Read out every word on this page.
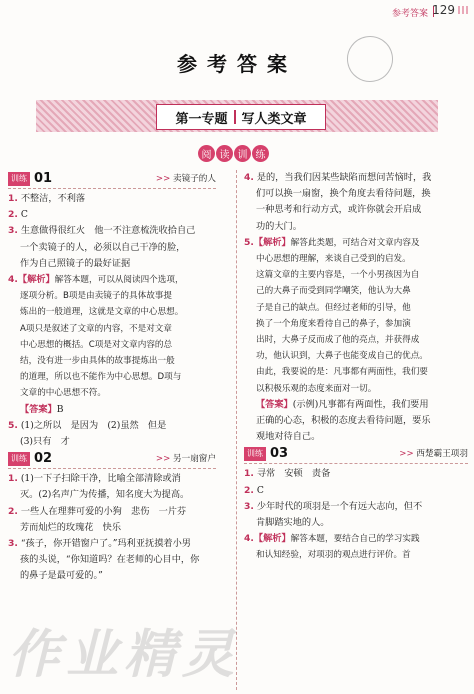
参考答案 129
参考答案
第一专题 写人类文章
阅 读 训 练
训练 01	>> 卖镜子的人

1. 不整洁，不利落

2. C

3. 生意做得很红火　他一不注意梳洗收拾自己

一个卖镜子的人，必须以自己干净的脸，

作为自己照镜子的最好证据

4.【解析】解答本题，可以从阅读四个选项，

逐项分析。B项是由卖镜子的具体故事提

炼出的一般道理，这就是文章的中心思想。

A项只是叙述了文章的内容，不是对文章

中心思想的概括。C项是对文章内容的总

结，没有进一步由具体的故事提炼出一般

的道理，所以也不能作为中心思想。D项与

文章的中心思想不符。

【答案】B

5. (1)之所以　是因为　(2)虽然　但是

(3)只有　才

训练 02	>> 另一扇窗户

1. (1)一下子扫除干净，比喻全部清除或消

灭。(2)名声广为传播，知名度大为提高。

2. 一些人在理葬可爱的小狗　悲伤　一片芬

芳而灿烂的玫瑰花　快乐

3. “孩子，你开错窗户了。”玛利亚抚摸着小男

孩的头说，“你知道吗？在老师的心目中，你

的鼻子是最可爱的。”

4. 是的，当我们因某些缺陷而想问苦恼时，我

们可以换一扇窗，换个角度去看待问题，换

一种思考和行动方式，或许你就会开启成

功的大门。

5.【解析】解答此类题，可结合对文章内容及

中心思想的理解，来谈自己受到的启发。

这篇文章的主要内容是，一个小男孩因为自

己的大鼻子而受到同学嘲笑，他认为大鼻

子是自己的缺点。但经过老师的引导，他

换了一个角度来看待自己的鼻子，参加演

出时，大鼻子反而成了他的亮点，并获得成

功，他认识到，大鼻子也能变成自己的优点。

由此，我要说的是：凡事都有两面性，我们要

以积极乐观的态度来面对一切。

【答案】(示例)凡事都有两面性，我们要用

正确的心态，积极的态度去看待问题，要乐

观地对待自己。

训练 03	>> 西楚霸王项羽

1. 寻常　安顿　责备

2. C

3. 少年时代的项羽是一个有远大志向，但不

肯脚踏实地的人。

4.【解析】解答本题，要结合自己的学习实践

和认知经验，对项羽的观点进行评价。首

作业精灵
